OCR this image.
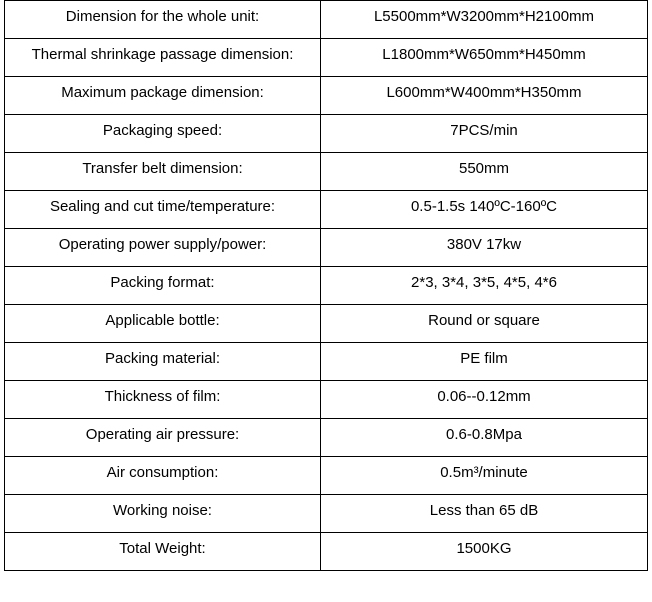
Dimension for the whole unit:	L5500mm*W3200mm*H2100mm
Thermal shrinkage passage dimension:	L1800mm*W650mm*H450mm
Maximum package dimension:	L600mm*W400mm*H350mm
Packaging speed:	7PCS/min
Transfer belt dimension:	550mm
Sealing and cut time/temperature:	0.5-1.5s 140ºC-160ºC
Operating power supply/power:	380V 17kw
Packing format:	2*3, 3*4, 3*5, 4*5, 4*6
Applicable bottle:	Round or square
Packing material:	PE film
Thickness of film:	0.06--0.12mm
Operating air pressure:	0.6-0.8Mpa
Air consumption:	0.5m³/minute
Working noise:	Less than 65 dB
Total Weight:	1500KG
